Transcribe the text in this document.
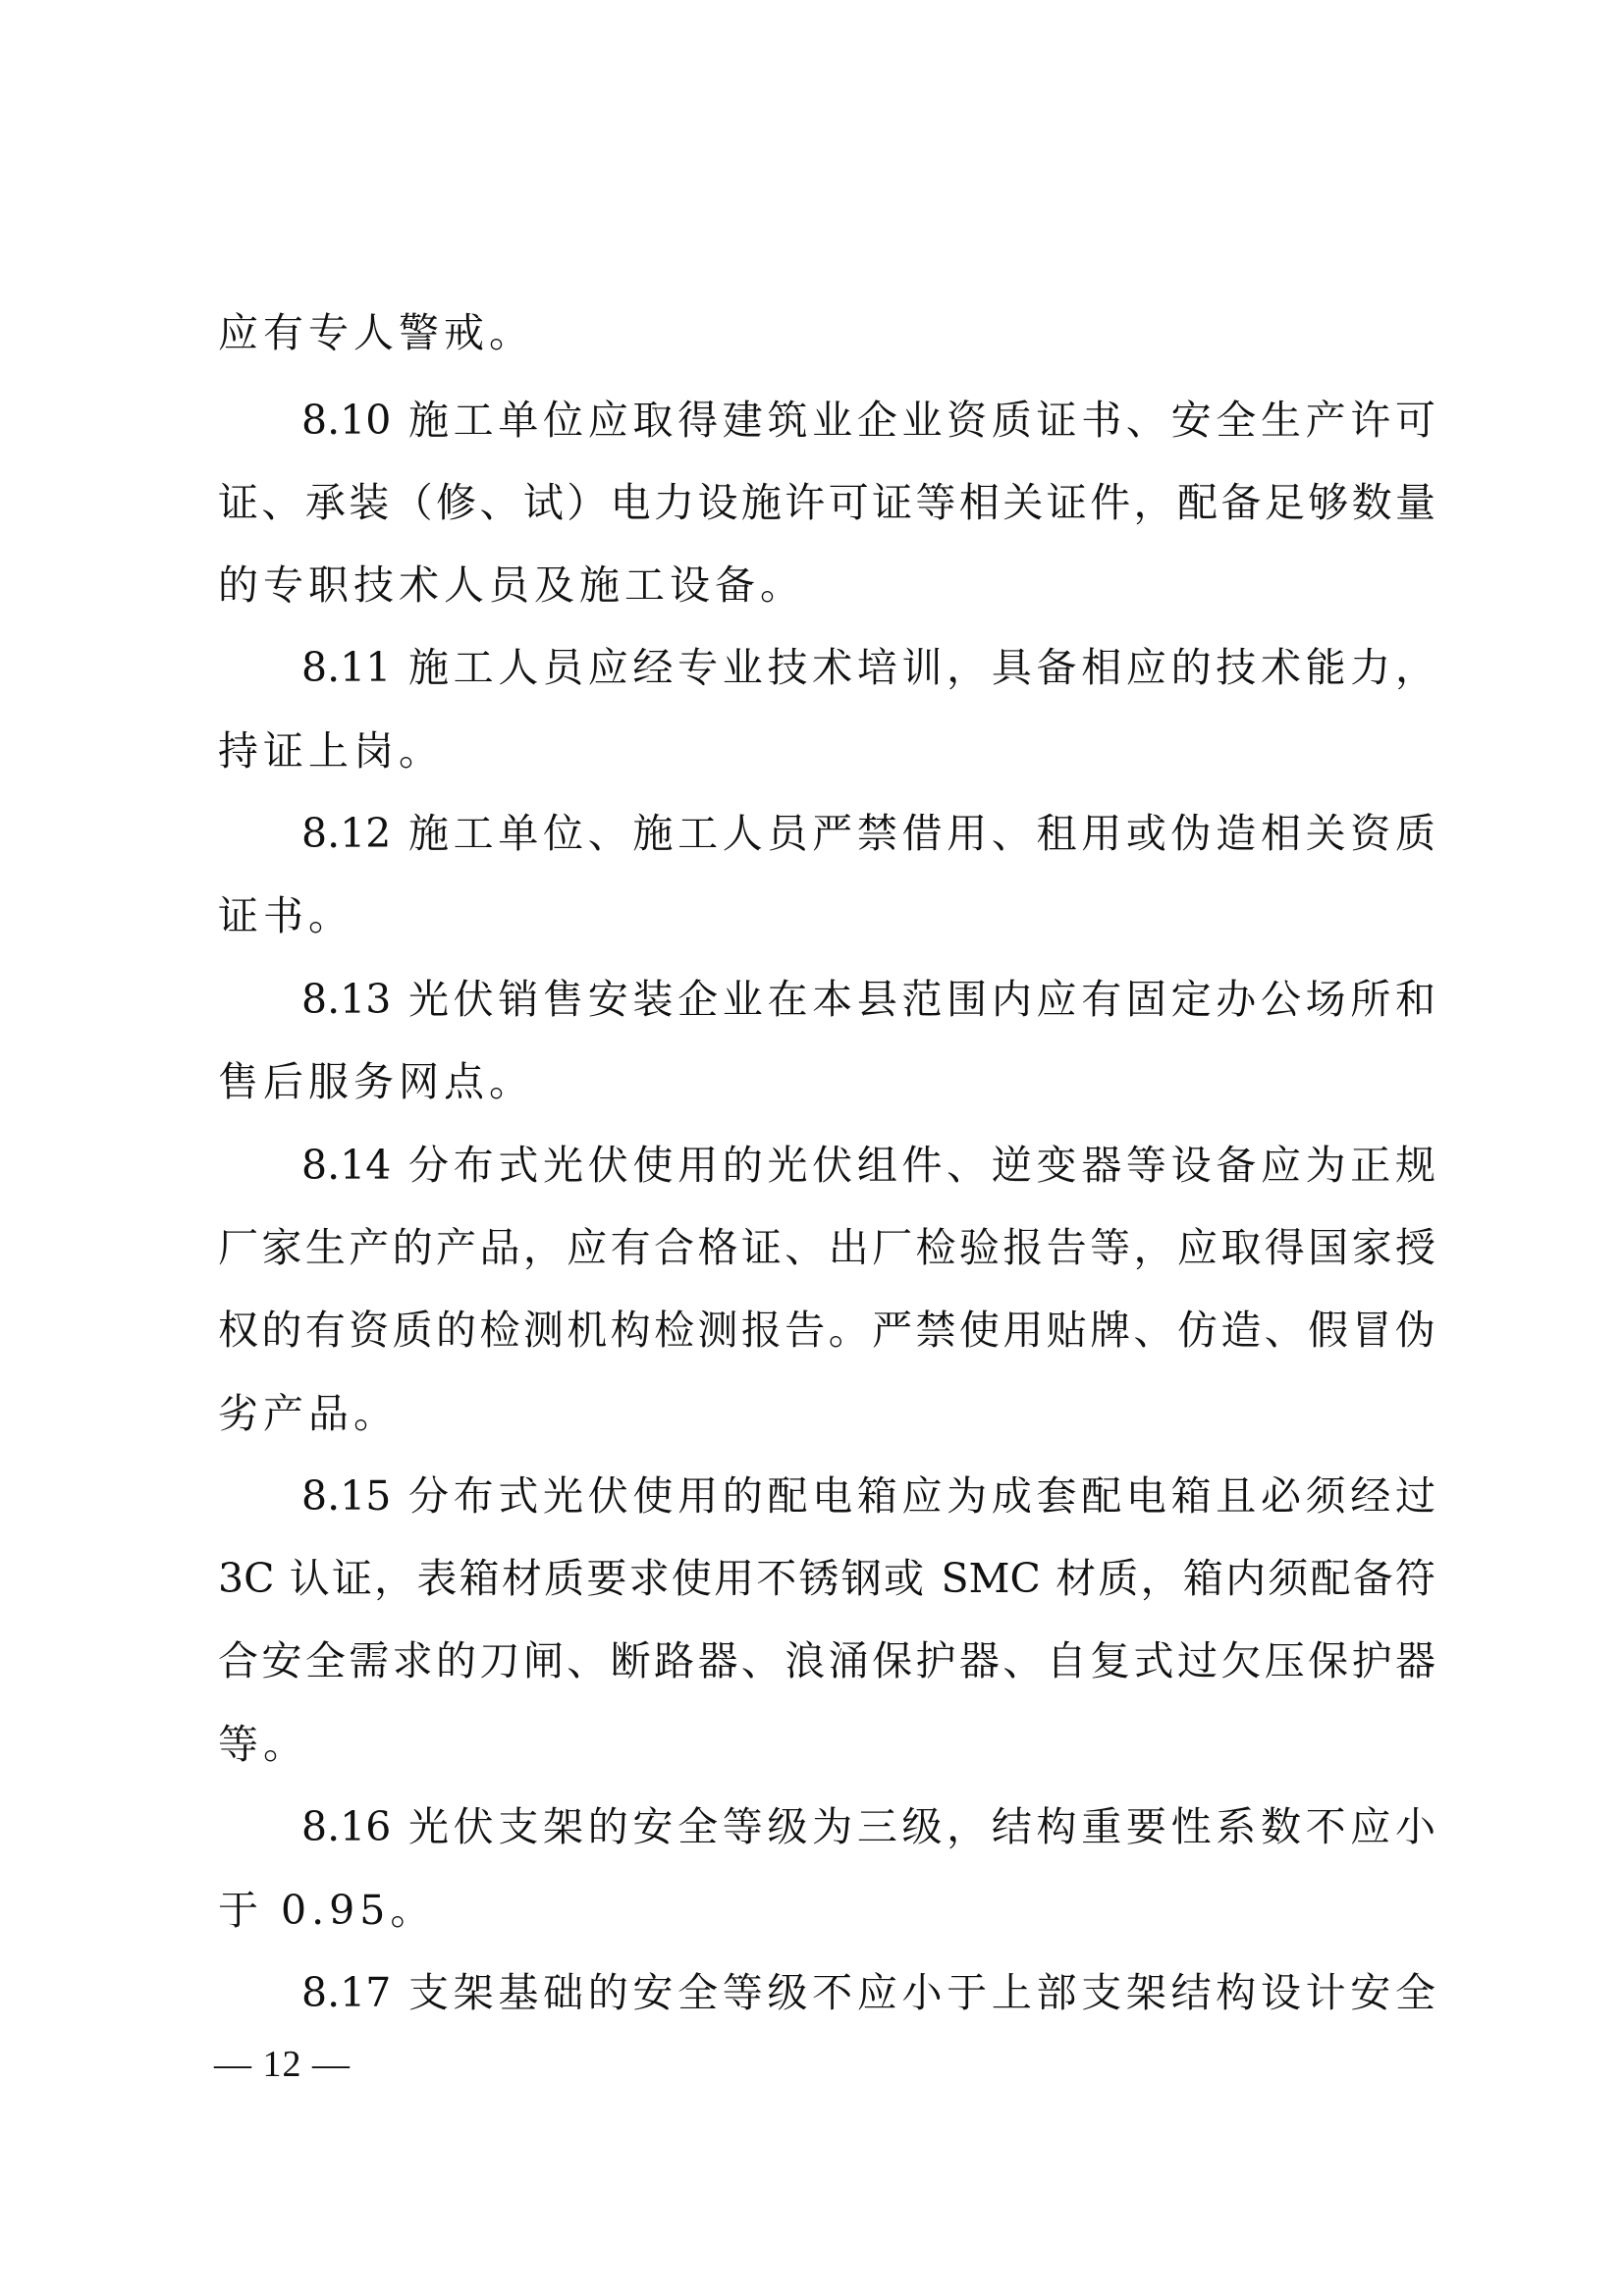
应有专人警戒。
8.10 施工单位应取得建筑业企业资质证书、安全生产许可
证、承装（修、试）电力设施许可证等相关证件，配备足够数量
的专职技术人员及施工设备。
8.11 施工人员应经专业技术培训，具备相应的技术能力，
持证上岗。
8.12 施工单位、施工人员严禁借用、租用或伪造相关资质
证书。
8.13 光伏销售安装企业在本县范围内应有固定办公场所和
售后服务网点。
8.14 分布式光伏使用的光伏组件、逆变器等设备应为正规
厂家生产的产品，应有合格证、出厂检验报告等，应取得国家授
权的有资质的检测机构检测报告。严禁使用贴牌、仿造、假冒伪
劣产品。
8.15 分布式光伏使用的配电箱应为成套配电箱且必须经过
3C 认证，表箱材质要求使用不锈钢或 SMC 材质，箱内须配备符
合安全需求的刀闸、断路器、浪涌保护器、自复式过欠压保护器
等。
8.16 光伏支架的安全等级为三级，结构重要性系数不应小
于 0.95。
8.17 支架基础的安全等级不应小于上部支架结构设计安全
— 12 —
